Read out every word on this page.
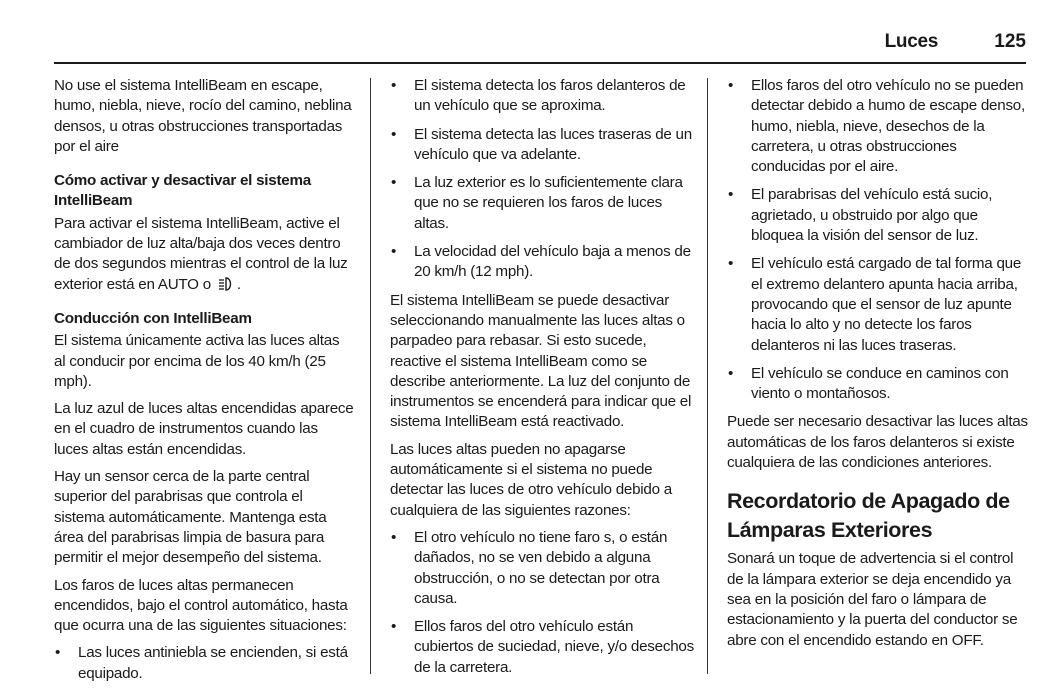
Luces	125

No use el sistema IntelliBeam en escape, humo, niebla, nieve, rocío del camino, neblina densos, u otras obstrucciones transportadas por el aire

Cómo activar y desactivar el sistema IntelliBeam

Para activar el sistema IntelliBeam, active el cambiador de luz alta/baja dos veces dentro de dos segundos mientras el control de la luz exterior está en AUTO o .

Conducción con IntelliBeam

El sistema únicamente activa las luces altas al conducir por encima de los 40 km/h (25 mph).

La luz azul de luces altas encendidas aparece en el cuadro de instrumentos cuando las luces altas están encendidas.

Hay un sensor cerca de la parte central superior del parabrisas que controla el sistema automáticamente. Mantenga esta área del parabrisas limpia de basura para permitir el mejor desempeño del sistema.

Los faros de luces altas permanecen encendidos, bajo el control automático, hasta que ocurra una de las siguientes situaciones:

• Las luces antiniebla se encienden, si está equipado.
• El sistema detecta los faros delanteros de un vehículo que se aproxima.
• El sistema detecta las luces traseras de un vehículo que va adelante.
• La luz exterior es lo suficientemente clara que no se requieren los faros de luces altas.
• La velocidad del vehículo baja a menos de 20 km/h (12 mph).

El sistema IntelliBeam se puede desactivar seleccionando manualmente las luces altas o parpadeo para rebasar. Si esto sucede, reactive el sistema IntelliBeam como se describe anteriormente. La luz del conjunto de instrumentos se encenderá para indicar que el sistema IntelliBeam está reactivado.

Las luces altas pueden no apagarse automáticamente si el sistema no puede detectar las luces de otro vehículo debido a cualquiera de las siguientes razones:

• El otro vehículo no tiene faro s, o están dañados, no se ven debido a alguna obstrucción, o no se detectan por otra causa.
• Ellos faros del otro vehículo están cubiertos de suciedad, nieve, y/o desechos de la carretera.
• Ellos faros del otro vehículo no se pueden detectar debido a humo de escape denso, humo, niebla, nieve, desechos de la carretera, u otras obstrucciones conducidas por el aire.
• El parabrisas del vehículo está sucio, agrietado, u obstruido por algo que bloquea la visión del sensor de luz.
• El vehículo está cargado de tal forma que el extremo delantero apunta hacia arriba, provocando que el sensor de luz apunte hacia lo alto y no detecte los faros delanteros ni las luces traseras.
• El vehículo se conduce en caminos con viento o montañosos.

Puede ser necesario desactivar las luces altas automáticas de los faros delanteros si existe cualquiera de las condiciones anteriores.

Recordatorio de Apagado de Lámparas Exteriores

Sonará un toque de advertencia si el control de la lámpara exterior se deja encendido ya sea en la posición del faro o lámpara de estacionamiento y la puerta del conductor se abre con el encendido estando en OFF.
